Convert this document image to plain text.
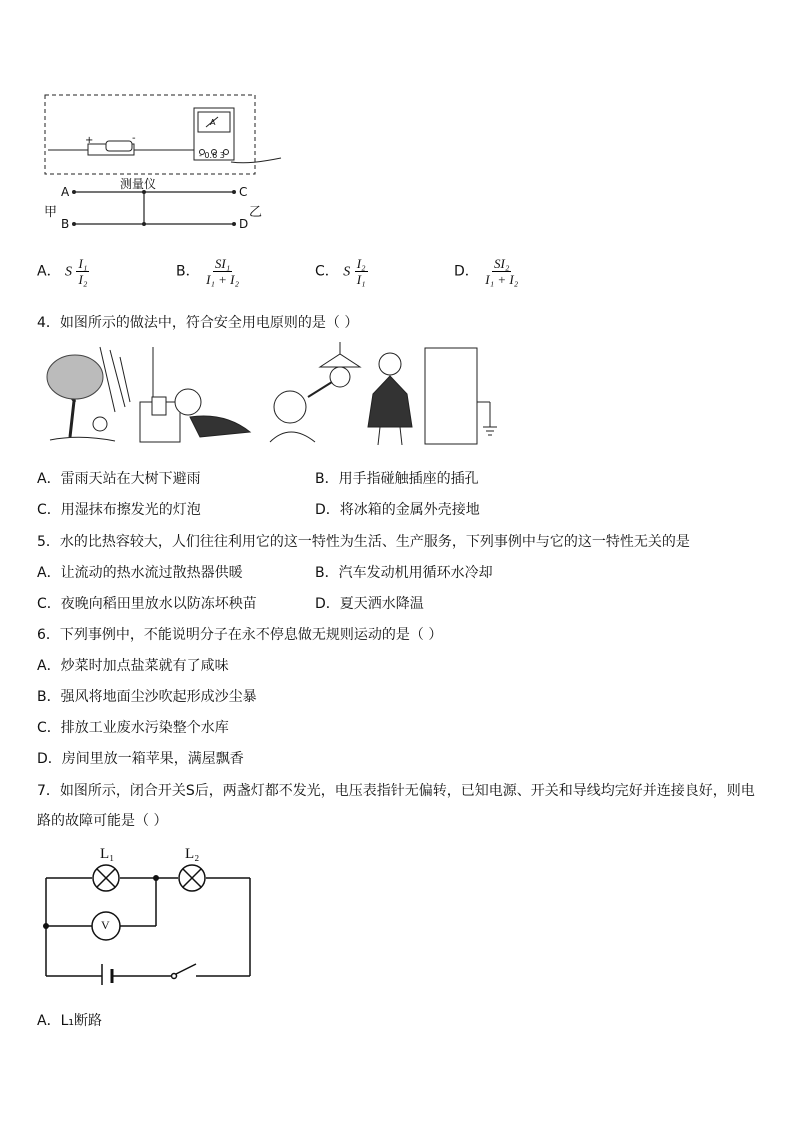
+	-
A
- 0.6 3
测量仪
A	C
B	D
甲	乙
A． S $\frac{\text{I₁}}{\text{I₂}}$	B． $\frac{\text{SI₁}}{\text{I₁ + I₂}}$	C． S $\frac{\text{I₂}}{\text{I₁}}$	D． $\frac{\text{SI₂}}{\text{I₁ + I₂}}$
4．如图所示的做法中，符合安全用电原则的是（ ）
A．雷雨天站在大树下避雨	B．用手指碰触插座的插孔
C．用湿抹布擦发光的灯泡	D．将冰箱的金属外壳接地
5．水的比热容较大，人们往往利用它的这一特性为生活、生产服务，下列事例中与它的这一特性无关的是
A．让流动的热水流过散热器供暖	B．汽车发动机用循环水冷却
C．夜晚向稻田里放水以防冻坏秧苗	D．夏天洒水降温
6．下列事例中，不能说明分子在永不停息做无规则运动的是（ ）
A．炒菜时加点盐菜就有了咸味
B．强风将地面尘沙吹起形成沙尘暴
C．排放工业废水污染整个水库
D．房间里放一箱苹果，满屋飘香
7．如图所示，闭合开关S后，两盏灯都不发光，电压表指针无偏转，已知电源、开关和导线均完好并连接良好，则电
路的故障可能是（ ）
L₁	L₂
V
A．L₁断路
